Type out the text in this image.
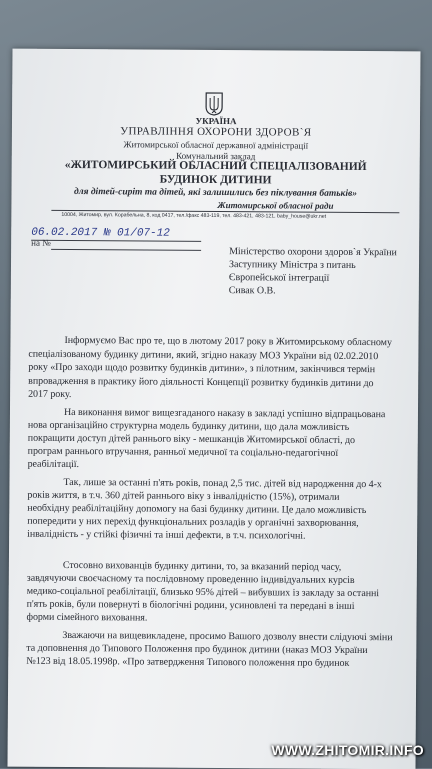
УКРАЇНА
УПРАВЛІННЯ ОХОРОНИ ЗДОРОВ`Я
Житомирської обласної державної адміністрації
Комунальний заклад
«ЖИТОМИРСЬКИЙ ОБЛАСНИЙ СПЕЦІАЛІЗОВАНИЙ
БУДИНОК ДИТИНИ
для дітей-сиріт та дітей, які залишились без піклування батьків»
Житомирської обласної ради
10004, Житомир, вул. Корабельна, 8, код 0417, тел./факс 483-119, тел. 483-421, 483-121, baby_house@ukr.net
06.02.2017 № 01/07-12
на №
Міністерство охорони здоров`я України
Заступнику Міністра з питань
Європейської інтеграції
Сивак О.В.
Інформуємо Вас про те, що в лютому 2017 року в Житомирському обласному
спеціалізованому будинку дитини, який, згідно наказу МОЗ України від 02.02.2010
року «Про заходи щодо розвитку будинків дитини», з пілотним, закінчився термін
впровадження в практику його діяльності Концепції розвитку будинків дитини до
2017 року.
На виконання вимог вищезгаданого наказу в закладі успішно відпрацьована
нова організаційно структурна модель будинку дитини, що дала можливість
покращити доступ дітей раннього віку - мешканців Житомирської області, до
програм раннього втручання, ранньої медичної та соціально-педагогічної
реабілітації.
Так, лише за останні п'ять років, понад 2,5 тис. дітей від народження до 4-х
років життя, в т.ч. 360 дітей раннього віку з інвалідністю (15%), отримали
необхідну реабілітаційну допомогу на базі будинку дитини. Це дало можливість
попередити у них перехід функціональних розладів у органічні захворювання,
інвалідність - у стійкі фізичні та інші дефекти, в т.ч. психологічні.
Стосовно вихованців будинку дитини, то, за вказаний період часу,
завдячуючи своєчасному та послідовному проведенню індивідуальних курсів
медико-соціальної реабілітації, близько 95% дітей – вибувших із закладу за останні
п'ять років, були повернуті в біологічні родини, усиновлені та передані в інші
форми сімейного виховання.
Зважаючи на вищевикладене, просимо Вашого дозволу внести слідуючі зміни
та доповнення до Типового Положення про будинок дитини (наказ МОЗ України
№123 від 18.05.1998р. «Про затвердження Типового положення про будинок
WWW.ZHITOMIR.INFO
